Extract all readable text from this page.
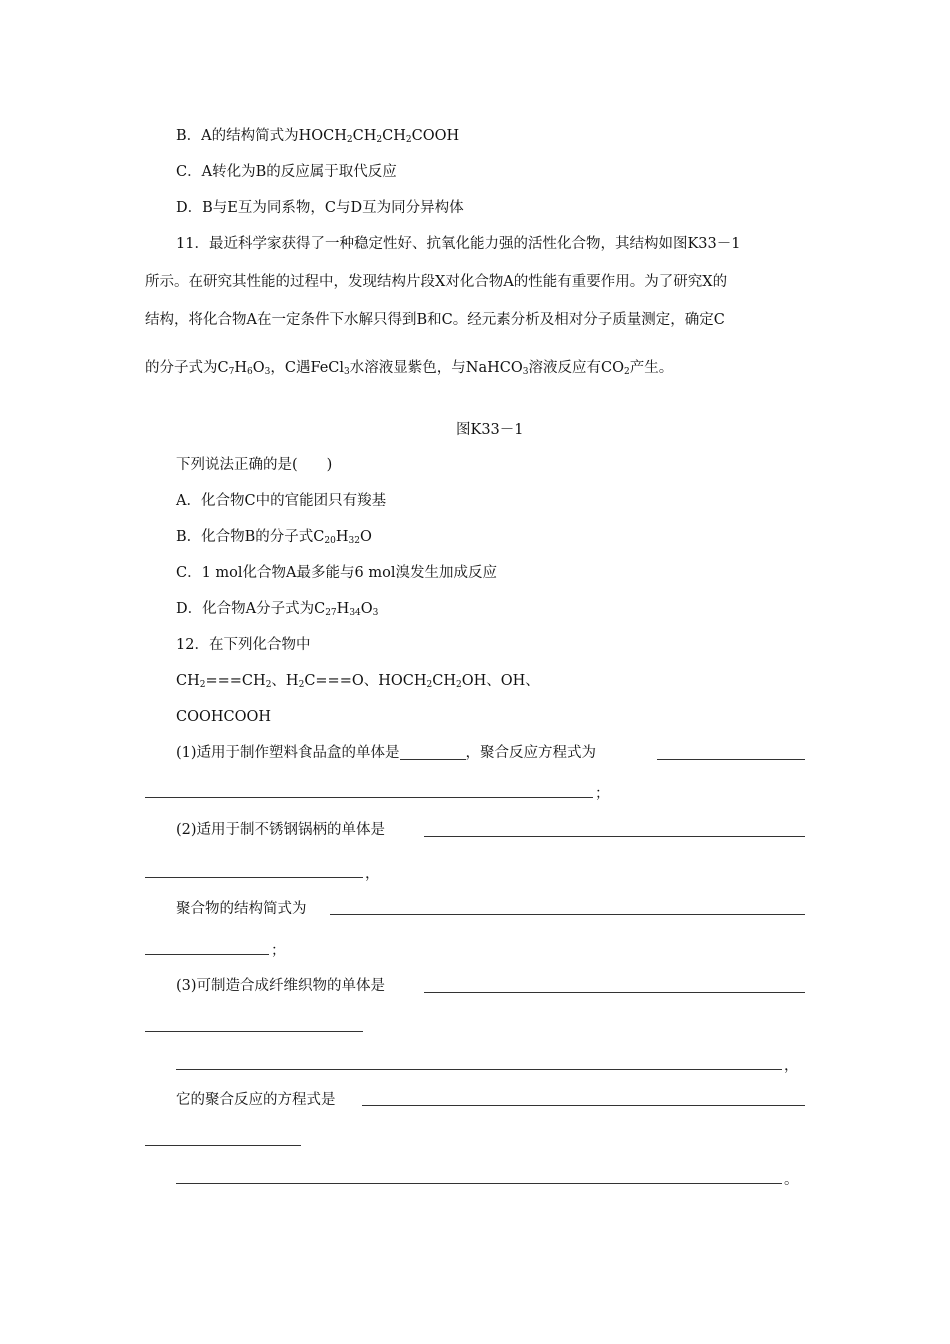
B．A的结构简式为$HOCH_2CH_2CH_2COOH$
C．A转化为B的反应属于取代反应
D．B与E互为同系物，C与D互为同分异构体
11．最近科学家获得了一种稳定性好、抗氧化能力强的活性化合物，其结构如图K33－1
所示。在研究其性能的过程中，发现结构片段X对化合物A的性能有重要作用。为了研究X的
结构，将化合物A在一定条件下水解只得到B和C。经元素分析及相对分子质量测定，确定C
的分子式为$C_7H_6O_3$，C遇FeCl$_3$水溶液显紫色，与NaHCO$_3$溶液反应有$CO_2$产生。
图K33－1
下列说法正确的是(　　)
A．化合物C中的官能团只有羧基
B．化合物B的分子式$C_{20}H_{32}O$
C．1 mol化合物A最多能与6 mol溴发生加成反应
D．化合物A分子式为$C_{27}H_{34}O_3$
12．在下列化合物中
$CH_2===CH_2$、$H_2C===O$、$HOCH_2CH_2OH$、OH、
COOHCOOH
(1)适用于制作塑料食品盒的单体是	，聚合反应方程式为
；
(2)适用于制不锈钢锅柄的单体是
，
聚合物的结构简式为
；
(3)可制造合成纤维织物的单体是
，
它的聚合反应的方程式是
。
